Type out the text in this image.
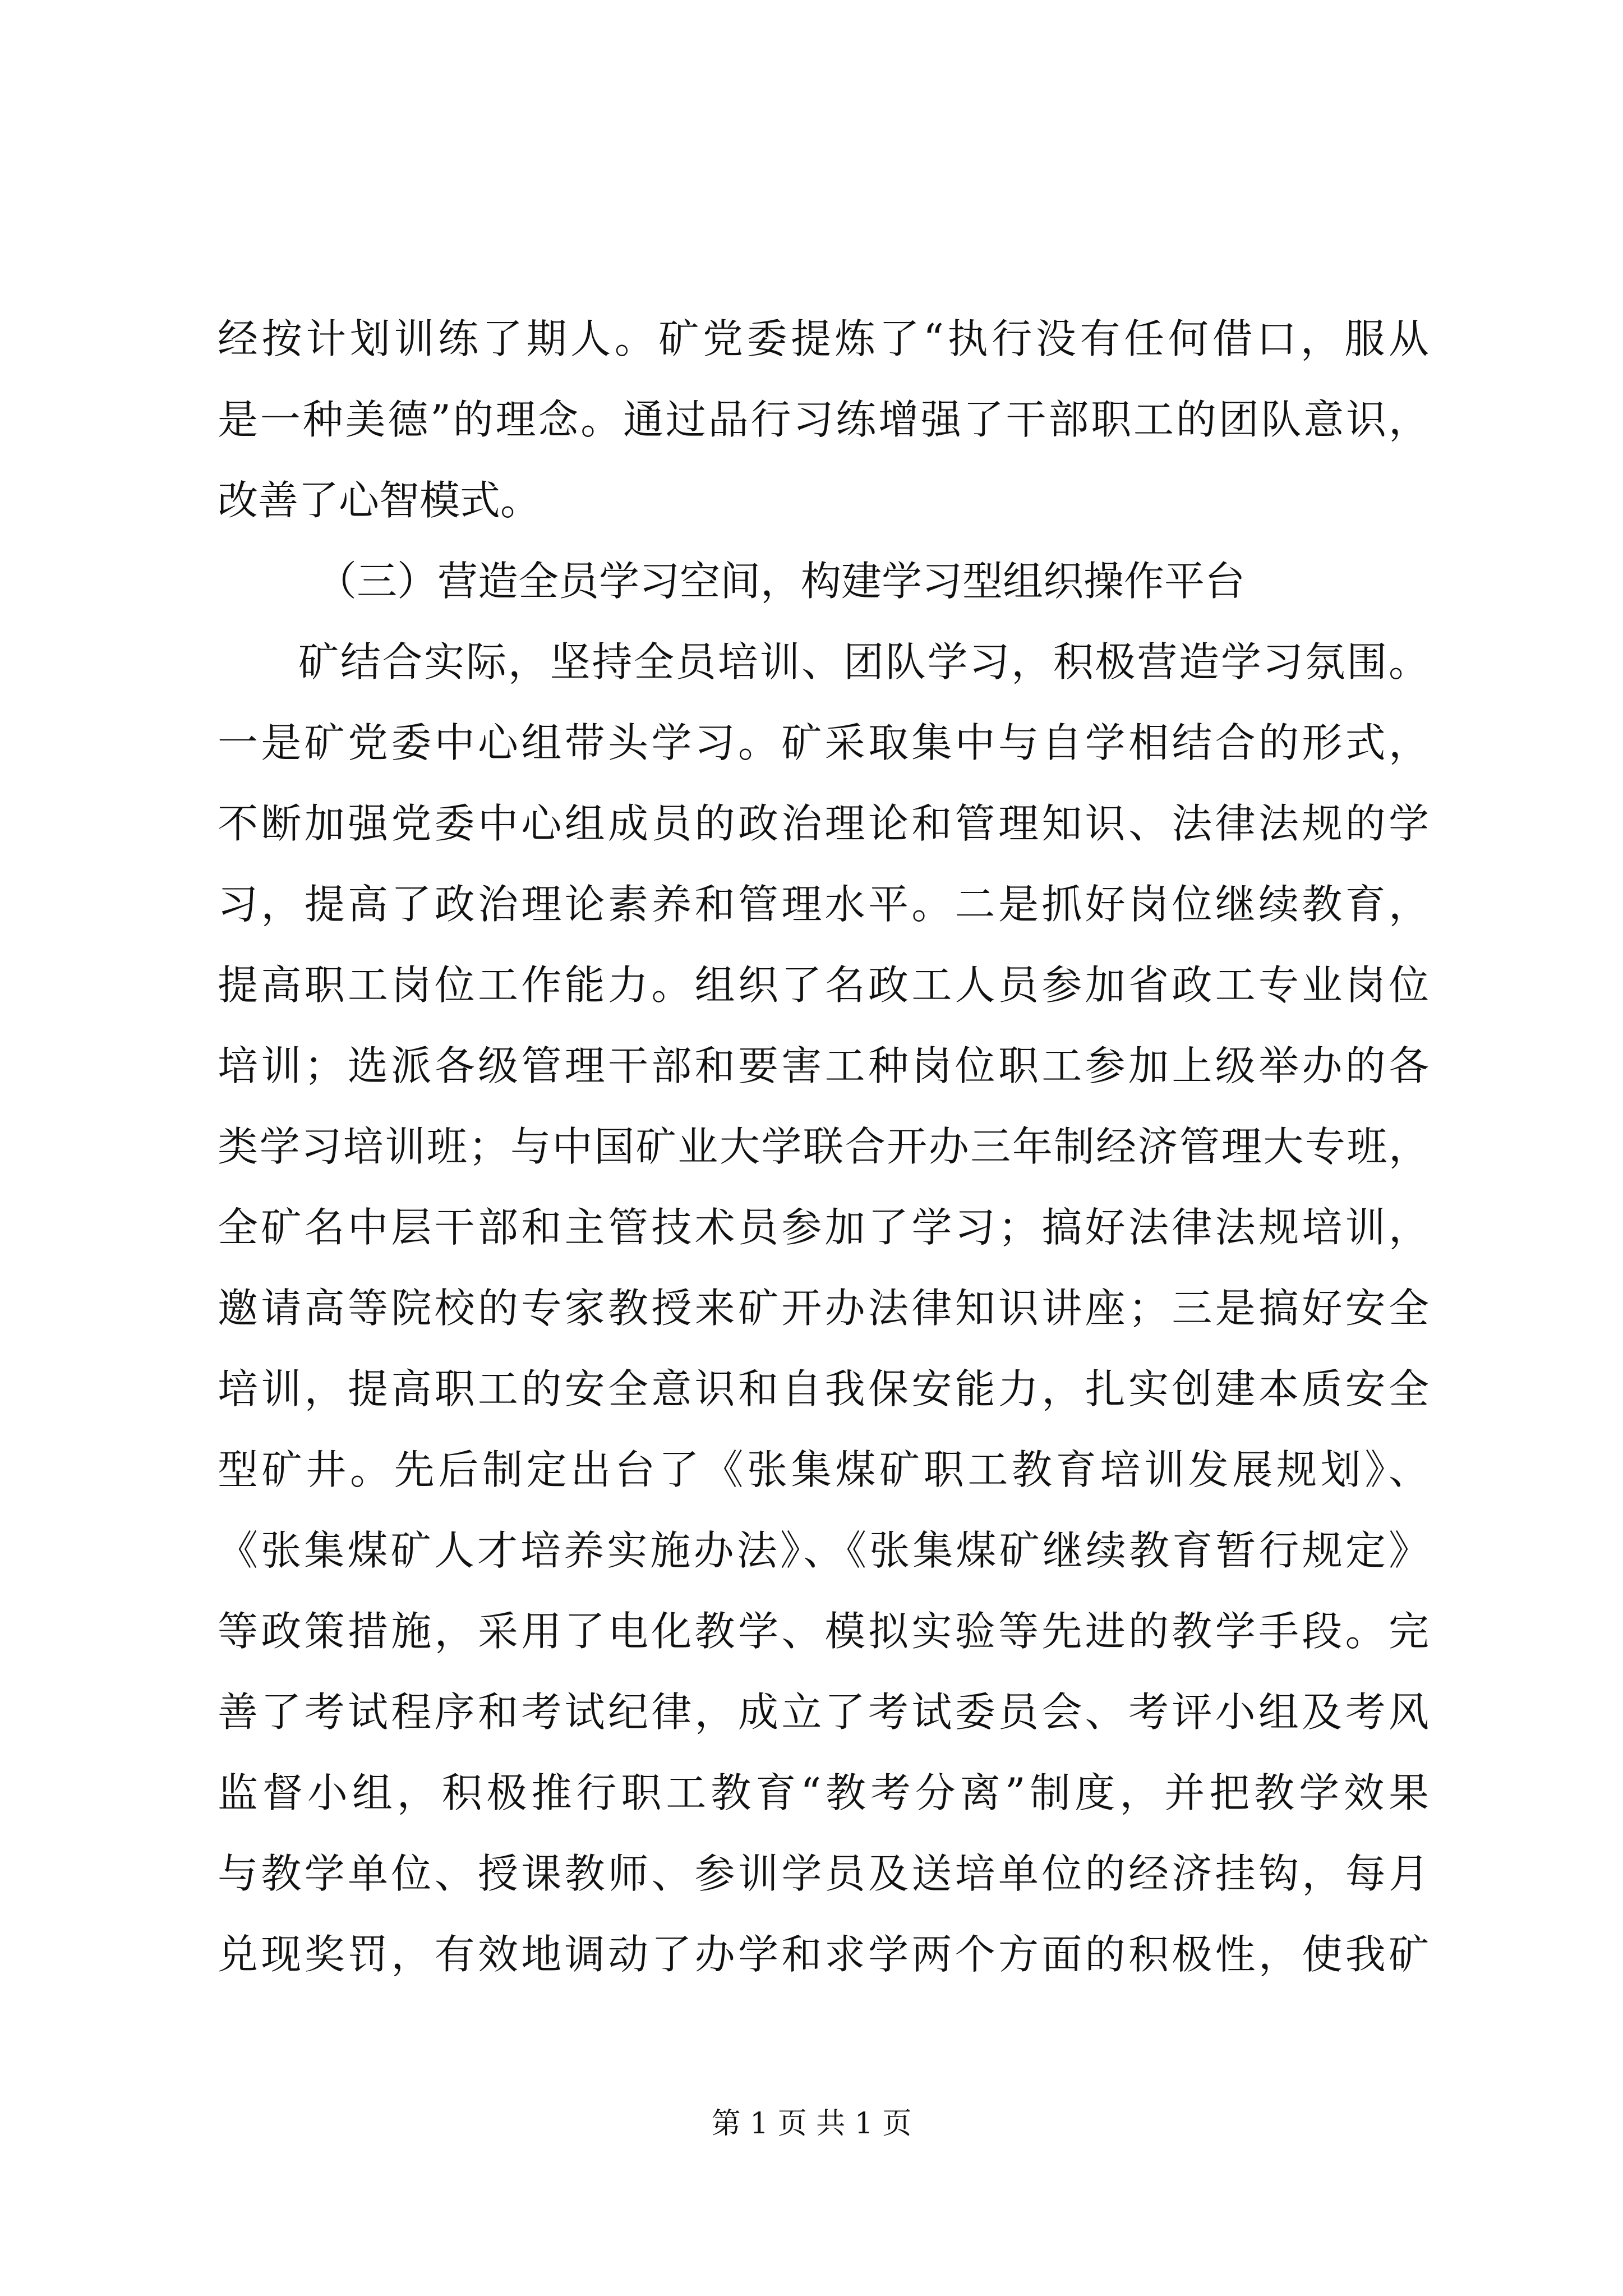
经按计划训练了期人。矿党委提炼了“执行没有任何借口，服从
是一种美德”的理念。通过品行习练增强了干部职工的团队意识，
改善了心智模式。
（三）营造全员学习空间，构建学习型组织操作平台
矿结合实际，坚持全员培训、团队学习，积极营造学习氛围。
一是矿党委中心组带头学习。矿采取集中与自学相结合的形式，
不断加强党委中心组成员的政治理论和管理知识、法律法规的学
习，提高了政治理论素养和管理水平。二是抓好岗位继续教育，
提高职工岗位工作能力。组织了名政工人员参加省政工专业岗位
培训；选派各级管理干部和要害工种岗位职工参加上级举办的各
类学习培训班；与中国矿业大学联合开办三年制经济管理大专班，
全矿名中层干部和主管技术员参加了学习；搞好法律法规培训，
邀请高等院校的专家教授来矿开办法律知识讲座；三是搞好安全
培训，提高职工的安全意识和自我保安能力，扎实创建本质安全
型矿井。先后制定出台了《张集煤矿职工教育培训发展规划》、
《张集煤矿人才培养实施办法》、《张集煤矿继续教育暂行规定》
等政策措施，采用了电化教学、模拟实验等先进的教学手段。完
善了考试程序和考试纪律，成立了考试委员会、考评小组及考风
监督小组，积极推行职工教育“教考分离”制度，并把教学效果
与教学单位、授课教师、参训学员及送培单位的经济挂钩，每月
兑现奖罚，有效地调动了办学和求学两个方面的积极性，使我矿
第 1 页 共 1 页
